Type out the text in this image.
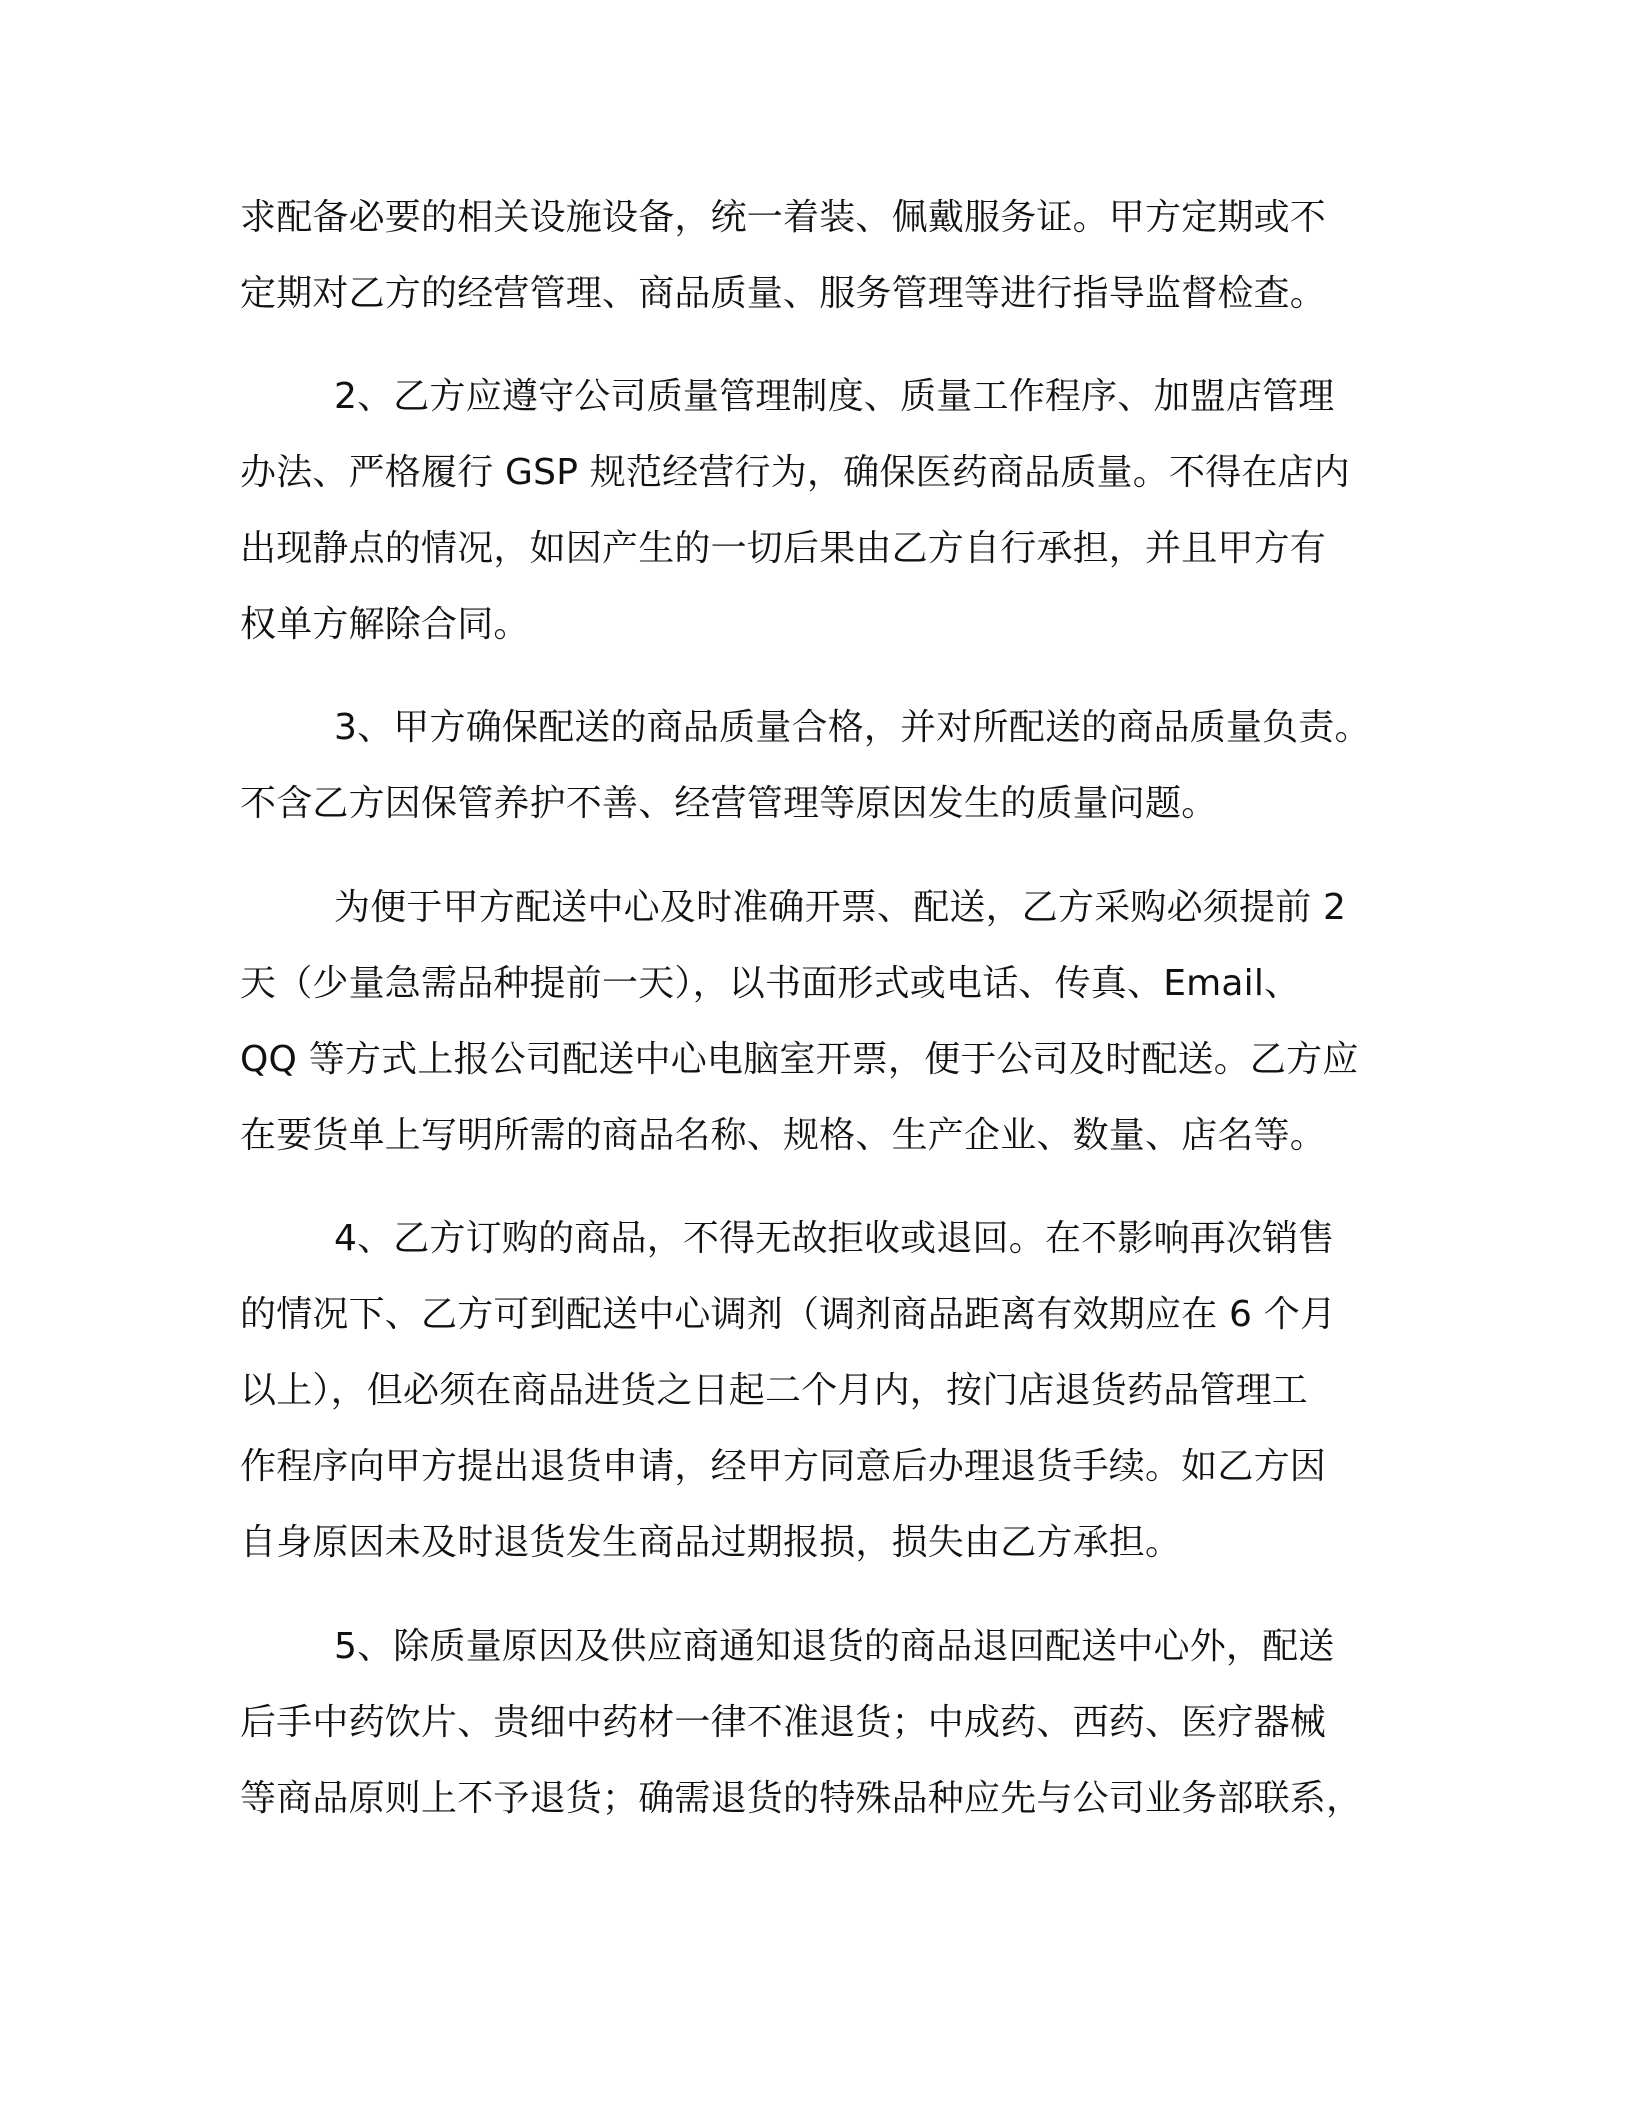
求配备必要的相关设施设备，统一着装、佩戴服务证。甲方定期或不
定期对乙方的经营管理、商品质量、服务管理等进行指导监督检查。
2、乙方应遵守公司质量管理制度、质量工作程序、加盟店管理
办法、严格履行 GSP 规范经营行为，确保医药商品质量。不得在店内
出现静点的情况，如因产生的一切后果由乙方自行承担，并且甲方有
权单方解除合同。
3、甲方确保配送的商品质量合格，并对所配送的商品质量负责。
不含乙方因保管养护不善、经营管理等原因发生的质量问题。
为便于甲方配送中心及时准确开票、配送，乙方采购必须提前 2
天（少量急需品种提前一天），以书面形式或电话、传真、Email、
QQ 等方式上报公司配送中心电脑室开票，便于公司及时配送。乙方应
在要货单上写明所需的商品名称、规格、生产企业、数量、店名等。
4、乙方订购的商品，不得无故拒收或退回。在不影响再次销售
的情况下、乙方可到配送中心调剂（调剂商品距离有效期应在 6 个月
以上），但必须在商品进货之日起二个月内，按门店退货药品管理工
作程序向甲方提出退货申请，经甲方同意后办理退货手续。如乙方因
自身原因未及时退货发生商品过期报损，损失由乙方承担。
5、除质量原因及供应商通知退货的商品退回配送中心外，配送
后手中药饮片、贵细中药材一律不准退货；中成药、西药、医疗器械
等商品原则上不予退货；确需退货的特殊品种应先与公司业务部联系，
